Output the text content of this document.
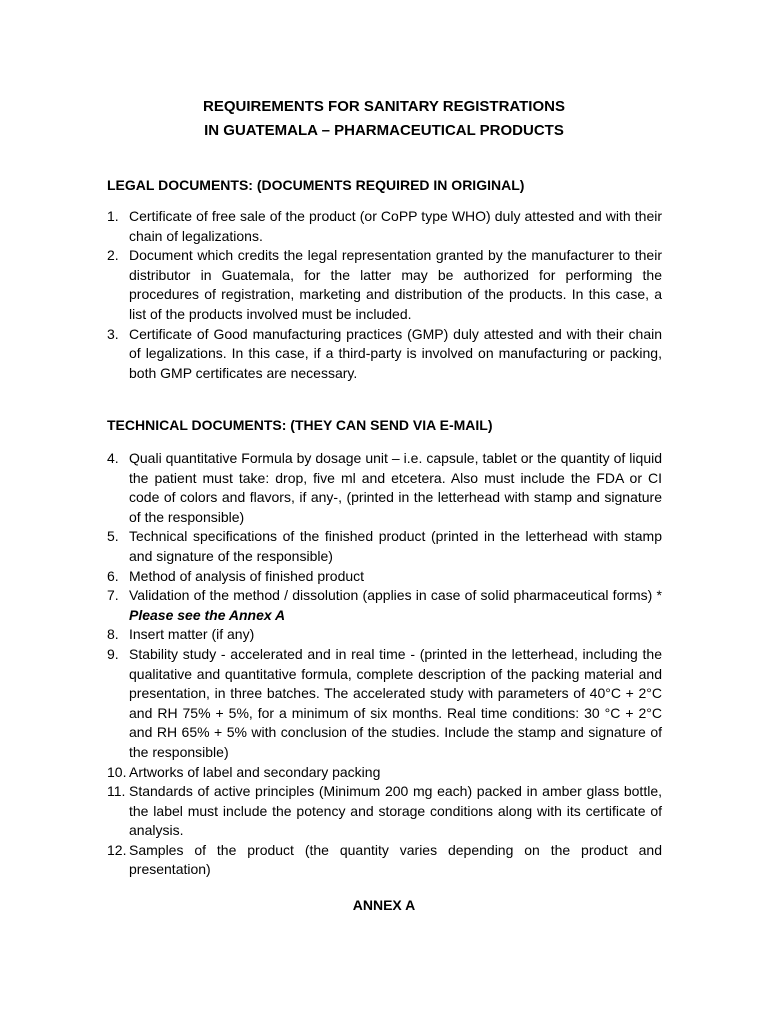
REQUIREMENTS FOR SANITARY REGISTRATIONS
IN GUATEMALA – PHARMACEUTICAL PRODUCTS
LEGAL DOCUMENTS: (DOCUMENTS REQUIRED IN ORIGINAL)
1. Certificate of free sale of the product (or CoPP type WHO) duly attested and with their chain of legalizations.
2. Document which credits the legal representation granted by the manufacturer to their distributor in Guatemala, for the latter may be authorized for performing the procedures of registration, marketing and distribution of the products. In this case, a list of the products involved must be included.
3. Certificate of Good manufacturing practices (GMP) duly attested and with their chain of legalizations. In this case, if a third-party is involved on manufacturing or packing, both GMP certificates are necessary.
TECHNICAL DOCUMENTS: (THEY CAN SEND VIA E-MAIL)
4. Quali quantitative Formula by dosage unit – i.e. capsule, tablet or the quantity of liquid the patient must take: drop, five ml and etcetera. Also must include the FDA or CI code of colors and flavors, if any-, (printed in the letterhead with stamp and signature of the responsible)
5. Technical specifications of the finished product (printed in the letterhead with stamp and signature of the responsible)
6. Method of analysis of finished product
7. Validation of the method / dissolution (applies in case of solid pharmaceutical forms) * Please see the Annex A
8. Insert matter (if any)
9. Stability study - accelerated and in real time - (printed in the letterhead, including the qualitative and quantitative formula, complete description of the packing material and presentation, in three batches. The accelerated study with parameters of 40°C + 2°C and RH 75% + 5%, for a minimum of six months. Real time conditions: 30 °C + 2°C and RH 65% + 5% with conclusion of the studies. Include the stamp and signature of the responsible)
10. Artworks of label and secondary packing
11. Standards of active principles (Minimum 200 mg each) packed in amber glass bottle, the label must include the potency and storage conditions along with its certificate of analysis.
12. Samples of the product (the quantity varies depending on the product and presentation)
ANNEX A
